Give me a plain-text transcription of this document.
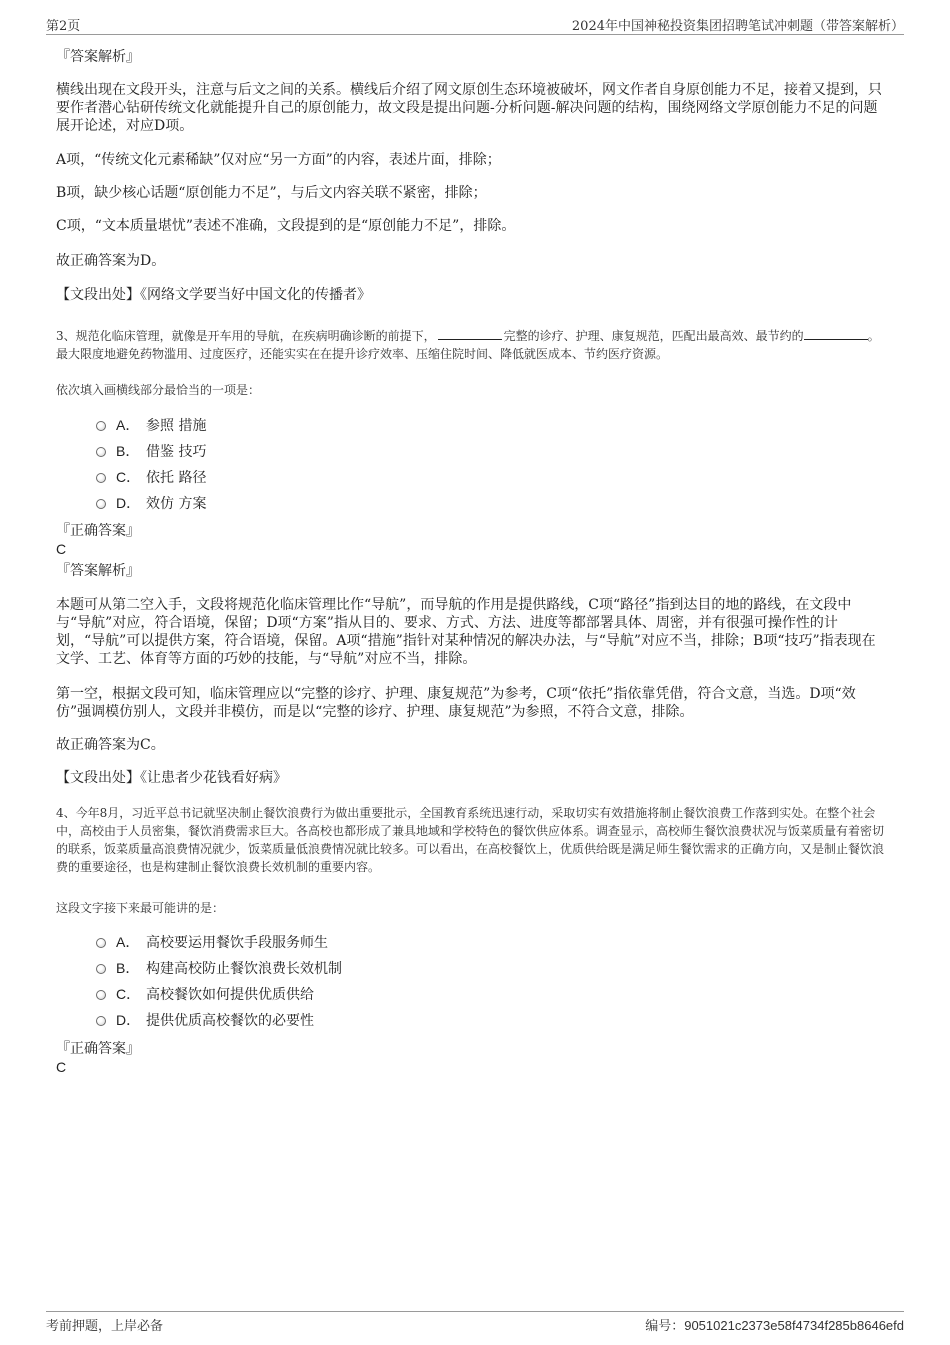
第2页	2024年中国神秘投资集团招聘笔试冲刺题（带答案解析）

『答案解析』

横线出现在文段开头，注意与后文之间的关系。横线后介绍了网文原创生态环境被破坏，网文作者自身原创能力不足，接着又提到，只要作者潜心钻研传统文化就能提升自己的原创能力，故文段是提出问题-分析问题-解决问题的结构，围绕网络文学原创能力不足的问题展开论述，对应D项。

A项，“传统文化元素稀缺”仅对应“另一方面”的内容，表述片面，排除；

B项，缺少核心话题“原创能力不足”，与后文内容关联不紧密，排除；

C项，“文本质量堪忧”表述不准确，文段提到的是“原创能力不足”，排除。

故正确答案为D。

【文段出处】《网络文学要当好中国文化的传播者》

3、规范化临床管理，就像是开车用的导航，在疾病明确诊断的前提下，	完整的诊疗、护理、康复规范，匹配出最高效、最节约的	。最大限度地避免药物滥用、过度医疗，还能实实在在提升诊疗效率、压缩住院时间、降低就医成本、节约医疗资源。

依次填入画横线部分最恰当的一项是：

A． 参照 措施
B． 借鉴 技巧
C． 依托 路径
D． 效仿 方案

『正确答案』

C

『答案解析』

本题可从第二空入手，文段将规范化临床管理比作“导航”，而导航的作用是提供路线，C项“路径”指到达目的地的路线，在文段中与“导航”对应，符合语境，保留；D项“方案”指从目的、要求、方式、方法、进度等都部署具体、周密，并有很强可操作性的计划，“导航”可以提供方案，符合语境，保留。A项“措施”指针对某种情况的解决办法，与“导航”对应不当，排除；B项“技巧”指表现在文学、工艺、体育等方面的巧妙的技能，与“导航”对应不当，排除。

第一空，根据文段可知，临床管理应以“完整的诊疗、护理、康复规范”为参考，C项“依托”指依靠凭借，符合文意，当选。D项“效仿”强调模仿别人，文段并非模仿，而是以“完整的诊疗、护理、康复规范”为参照，不符合文意，排除。

故正确答案为C。

【文段出处】《让患者少花钱看好病》

4、今年8月，习近平总书记就坚决制止餐饮浪费行为做出重要批示，全国教育系统迅速行动，采取切实有效措施将制止餐饮浪费工作落到实处。在整个社会中，高校由于人员密集，餐饮消费需求巨大。各高校也都形成了兼具地域和学校特色的餐饮供应体系。调查显示，高校师生餐饮浪费状况与饭菜质量有着密切的联系，饭菜质量高浪费情况就少，饭菜质量低浪费情况就比较多。可以看出，在高校餐饮上，优质供给既是满足师生餐饮需求的正确方向，又是制止餐饮浪费的重要途径，也是构建制止餐饮浪费长效机制的重要内容。

这段文字接下来最可能讲的是：

A． 高校要运用餐饮手段服务师生
B． 构建高校防止餐饮浪费长效机制
C． 高校餐饮如何提供优质供给
D． 提供优质高校餐饮的必要性

『正确答案』

C

考前押题，上岸必备	编号：9051021c2373e58f4734f285b8646efd
